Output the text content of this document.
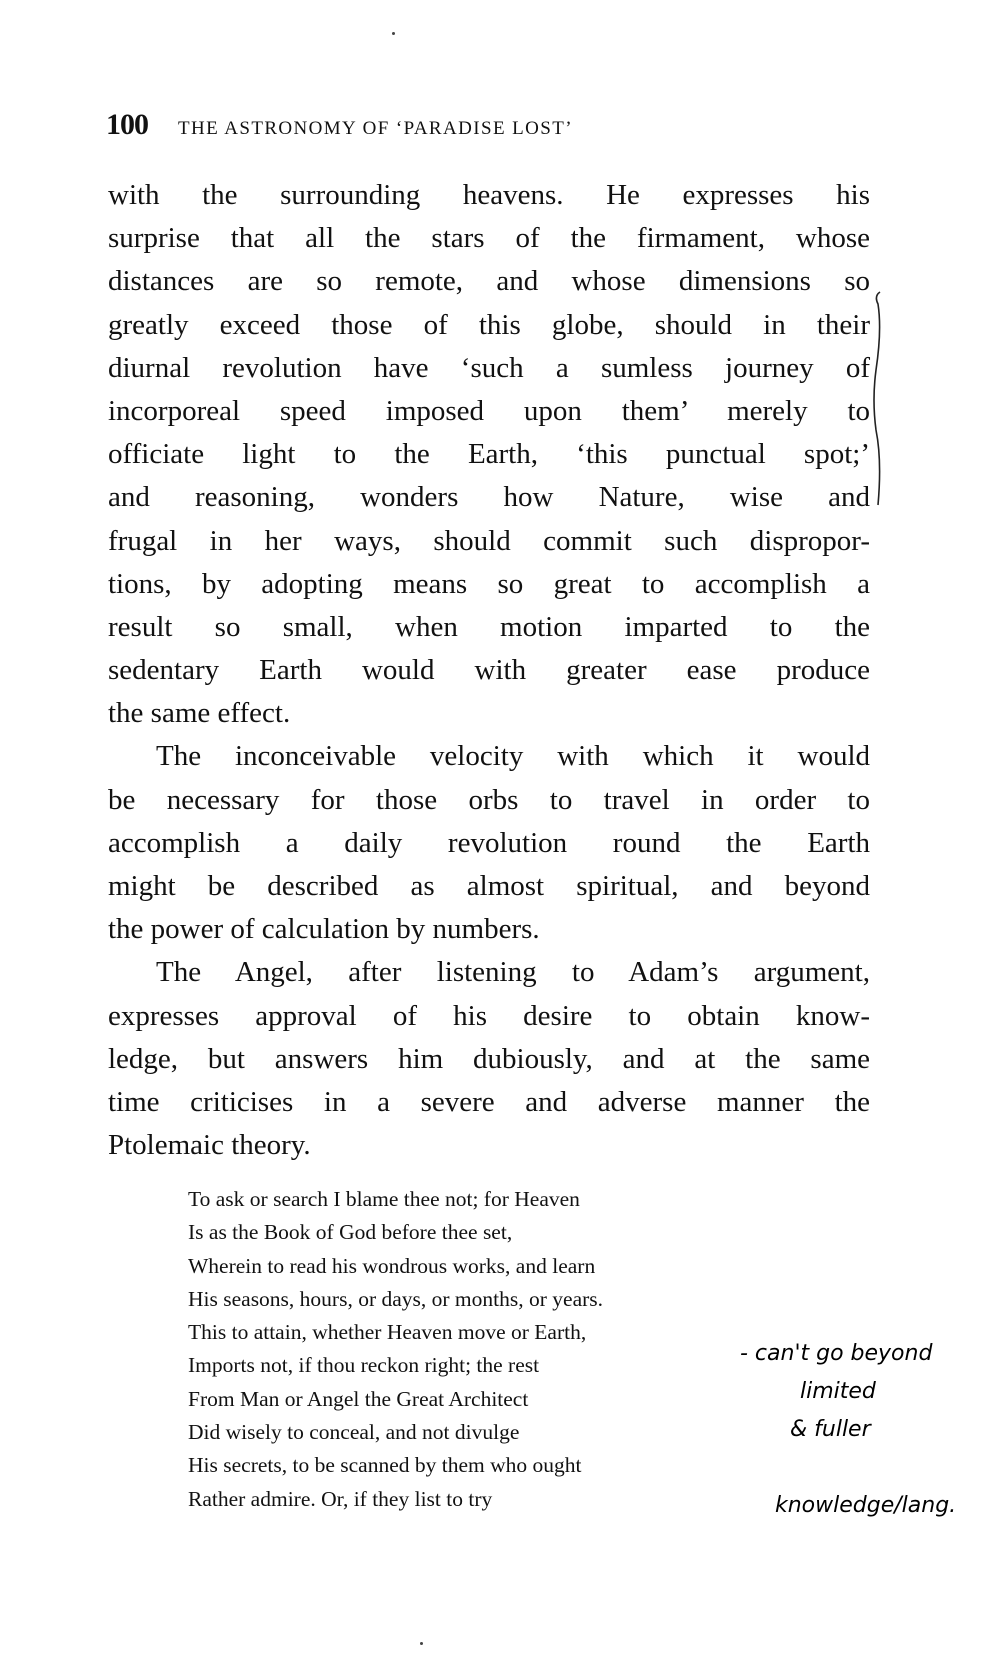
100 THE ASTRONOMY OF ‘PARADISE LOST’
with the surrounding heavens. He expresses his
surprise that all the stars of the firmament, whose
distances are so remote, and whose dimensions so
greatly exceed those of this globe, should in their
diurnal revolution have ‘such a sumless journey of
incorporeal speed imposed upon them’ merely to
officiate light to the Earth, ‘this punctual spot;’
and reasoning, wonders how Nature, wise and
frugal in her ways, should commit such dispropor-
tions, by adopting means so great to accomplish a
result so small, when motion imparted to the
sedentary Earth would with greater ease produce
the same effect.
The inconceivable velocity with which it would
be necessary for those orbs to travel in order to
accomplish a daily revolution round the Earth
might be described as almost spiritual, and beyond
the power of calculation by numbers.
The Angel, after listening to Adam’s argument,
expresses approval of his desire to obtain know-
ledge, but answers him dubiously, and at the same
time criticises in a severe and adverse manner the
Ptolemaic theory.
To ask or search I blame thee not; for Heaven
Is as the Book of God before thee set,
Wherein to read his wondrous works, and learn
His seasons, hours, or days, or months, or years.
This to attain, whether Heaven move or Earth,
Imports not, if thou reckon right; the rest
From Man or Angel the Great Architect
Did wisely to conceal, and not divulge
His secrets, to be scanned by them who ought
Rather admire. Or, if they list to try
- can't go beyond
limited
& fuller
knowledge/lang.
